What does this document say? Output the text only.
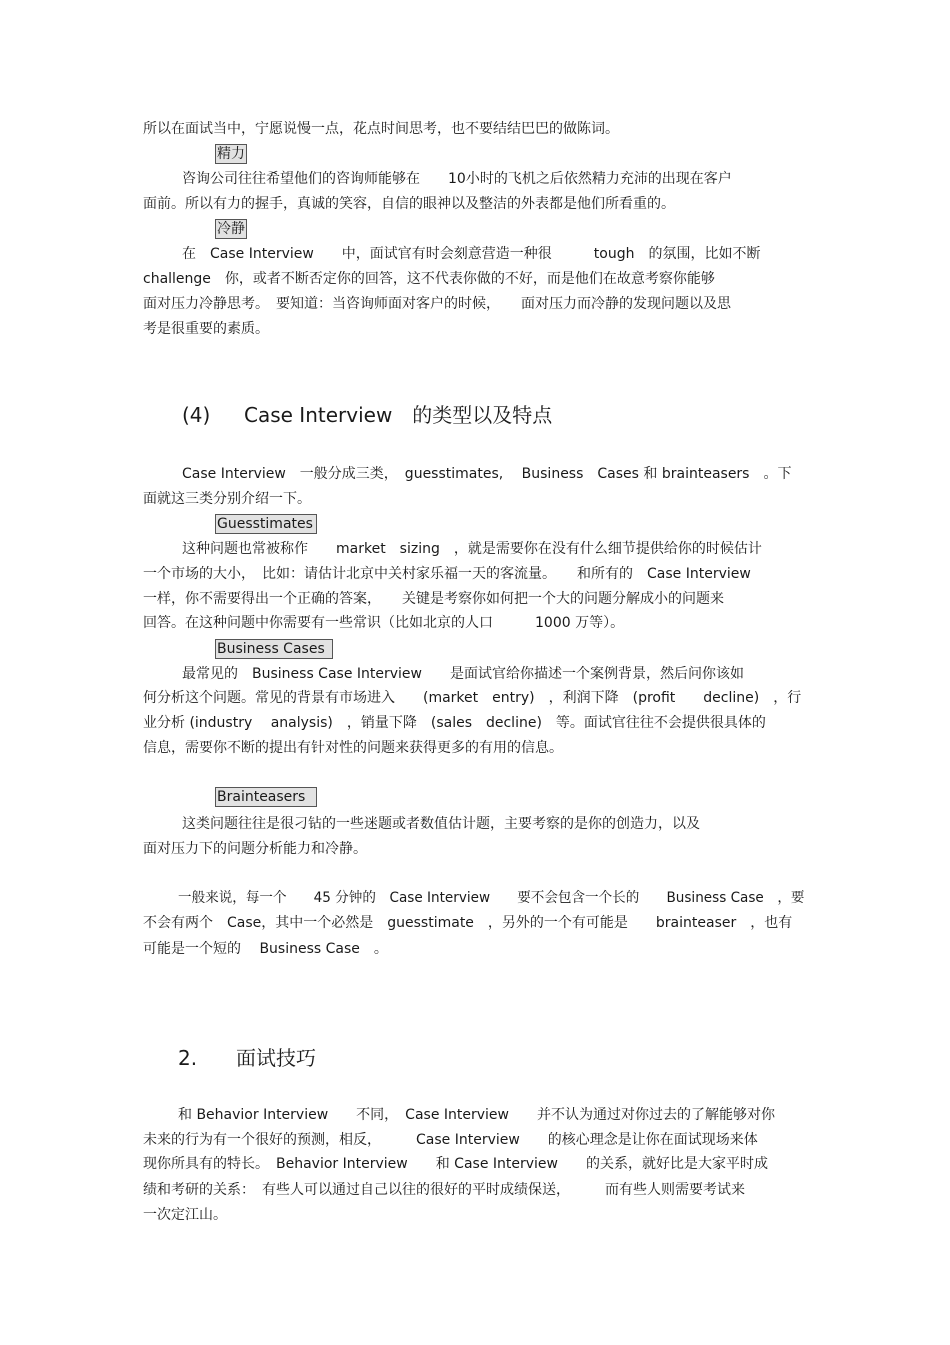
所以在面试当中，宁愿说慢一点，花点时间思考，也不要结结巴巴的做陈词。
精力
咨询公司往往希望他们的咨询师能够在　　10小时的飞机之后依然精力充沛的出现在客户
面前。所以有力的握手，真诚的笑容，自信的眼神以及整洁的外表都是他们所看重的。
冷静
在　Case Interview　　中，面试官有时会刻意营造一种很　　　tough　的氛围，比如不断
challenge　你，或者不断否定你的回答，这不代表你做的不好，而是他们在故意考察你能够
面对压力冷静思考。　要知道：当咨询师面对客户的时候，　　面对压力而冷静的发现问题以及思
考是很重要的素质。
(4) Case Interview　的类型以及特点
Case Interview　一般分成三类，　guesstimates,　 Business　Cases 和 brainteasers　。下
面就这三类分别介绍一下。
Guesstimates
这种问题也常被称作　　market　sizing　，就是需要你在没有什么细节提供给你的时候估计
一个市场的大小，　比如：请估计北京中关村家乐福一天的客流量。　　和所有的　Case Interview
一样，你不需要得出一个正确的答案，　　关键是考察你如何把一个大的问题分解成小的问题来
回答。在这种问题中你需要有一些常识（比如北京的人口　　　1000 万等）。
Business Cases
最常见的　Business Case Interview　　是面试官给你描述一个案例背景，然后问你该如
何分析这个问题。常见的背景有市场进入　　(market　entry)　，利润下降　(profit　　decline)　，行
业分析 (industry　 analysis)　，销量下降　(sales　decline)　等。面试官往往不会提供很具体的
信息，需要你不断的提出有针对性的问题来获得更多的有用的信息。
Brainteasers
这类问题往往是很刁钻的一些迷题或者数值估计题，主要考察的是你的创造力，以及
面对压力下的问题分析能力和冷静。
一般来说，每一个　　45 分钟的　Case Interview　　要不会包含一个长的　　Business Case　，要
不会有两个　Case，其中一个必然是　guesstimate　，另外的一个有可能是　　brainteaser　，也有
可能是一个短的　 Business Case　。
2. 面试技巧
和 Behavior Interview　　不同，　Case Interview　　并不认为通过对你过去的了解能够对你
未来的行为有一个很好的预测，相反，　　　Case Interview　　的核心理念是让你在面试现场来体
现你所具有的特长。　Behavior Interview　　和 Case Interview　　的关系，就好比是大家平时成
绩和考研的关系：　有些人可以通过自己以往的很好的平时成绩保送，　　　而有些人则需要考试来
一次定江山。
